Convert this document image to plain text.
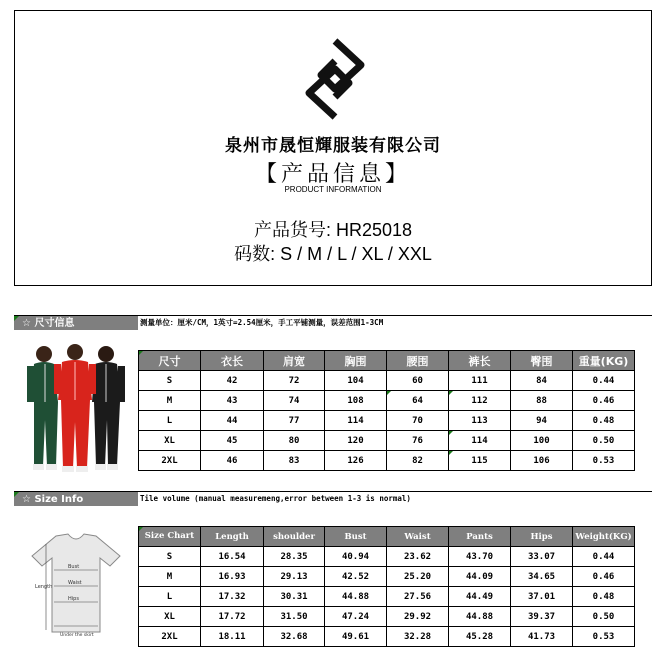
泉州市晟恒輝服装有限公司
【产品信息】
PRODUCT INFORMATION
产品货号: HR25018
码数: S / M / L / XL / XXL
☆ 尺寸信息	测量单位：厘米/CM，1英寸=2.54厘米，手工平铺测量，误差范围1-3CM
尺寸	衣长	肩宽	胸围	腰围	裤长	臀围	重量(KG)
S	42	72	104	60	111	84	0.44
M	43	74	108	64	112	88	0.46
L	44	77	114	70	113	94	0.48
XL	45	80	120	76	114	100	0.50
2XL	46	83	126	82	115	106	0.53
☆ Size Info	Tile volume (manual measuremeng,error between 1-3 is normal)
Length
Bust
Waist
Hips
Under the skirt
Size Chart	Length	shoulder	Bust	Waist	Pants	Hips	Weight(KG)
S	16.54	28.35	40.94	23.62	43.70	33.07	0.44
M	16.93	29.13	42.52	25.20	44.09	34.65	0.46
L	17.32	30.31	44.88	27.56	44.49	37.01	0.48
XL	17.72	31.50	47.24	29.92	44.88	39.37	0.50
2XL	18.11	32.68	49.61	32.28	45.28	41.73	0.53
